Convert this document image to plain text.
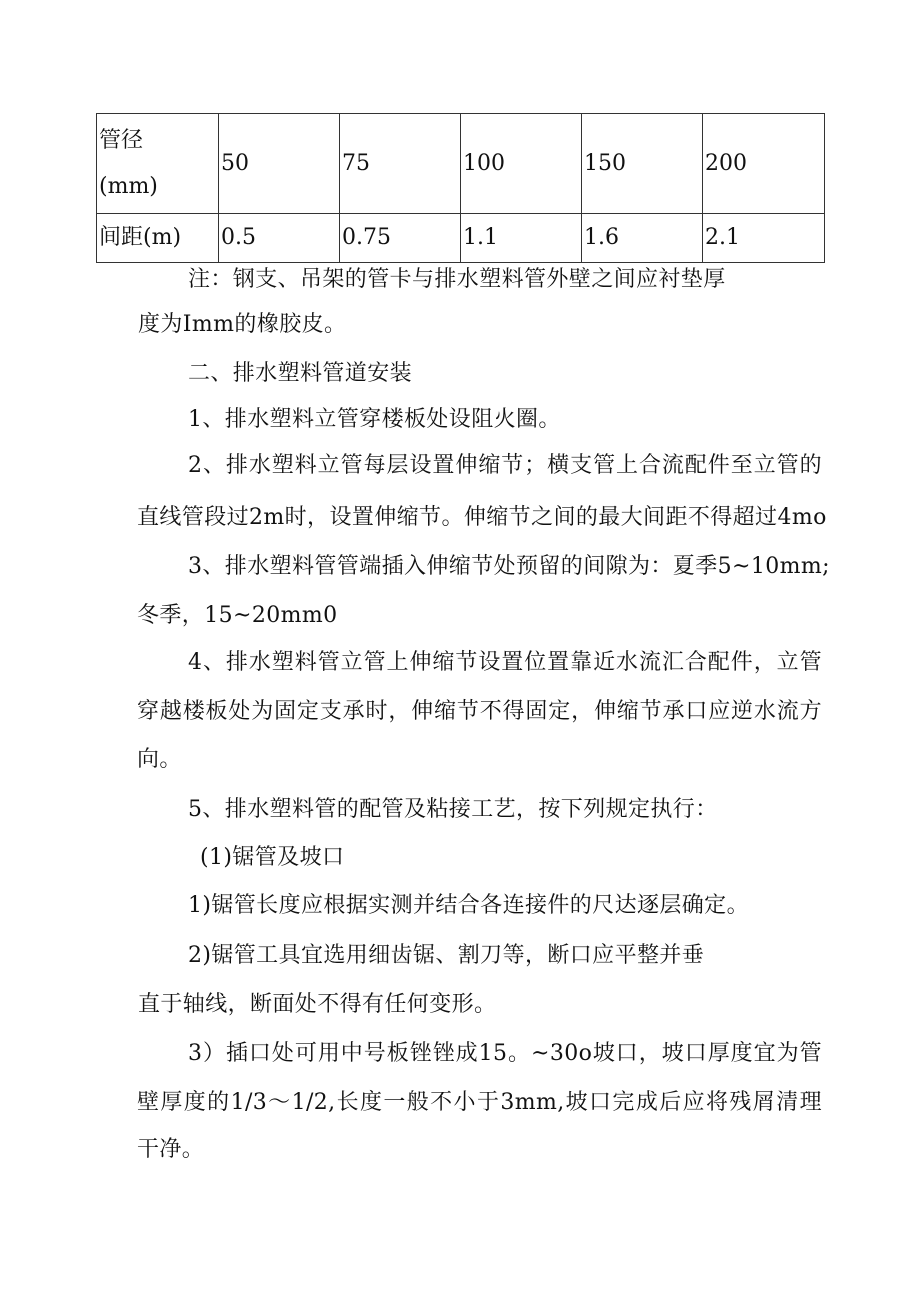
管径
(mm)	50	75	100	150	200
间距(m)	0.5	0.75	1.1	1.6	2.1
注：钢支、吊架的管卡与排水塑料管外壁之间应衬垫厚
度为Imm的橡胶皮。
二、排水塑料管道安装
1、排水塑料立管穿楼板处设阻火圈。
2、排水塑料立管每层设置伸缩节；横支管上合流配件至立管的
直线管段过2m时，设置伸缩节。伸缩节之间的最大间距不得超过4mo
3、排水塑料管管端插入伸缩节处预留的间隙为：夏季5~10mm;
冬季，15~20mm0
4、排水塑料管立管上伸缩节设置位置靠近水流汇合配件，立管
穿越楼板处为固定支承时，伸缩节不得固定，伸缩节承口应逆水流方
向。
5、排水塑料管的配管及粘接工艺，按下列规定执行：
(1)锯管及坡口
1)锯管长度应根据实测并结合各连接件的尺达逐层确定。
2)锯管工具宜选用细齿锯、割刀等，断口应平整并垂
直于轴线，断面处不得有任何变形。
3）插口处可用中号板锉锉成15。~30o坡口，坡口厚度宜为管
壁厚度的1/3～1/2,长度一般不小于3mm,坡口完成后应将残屑清理
干净。
